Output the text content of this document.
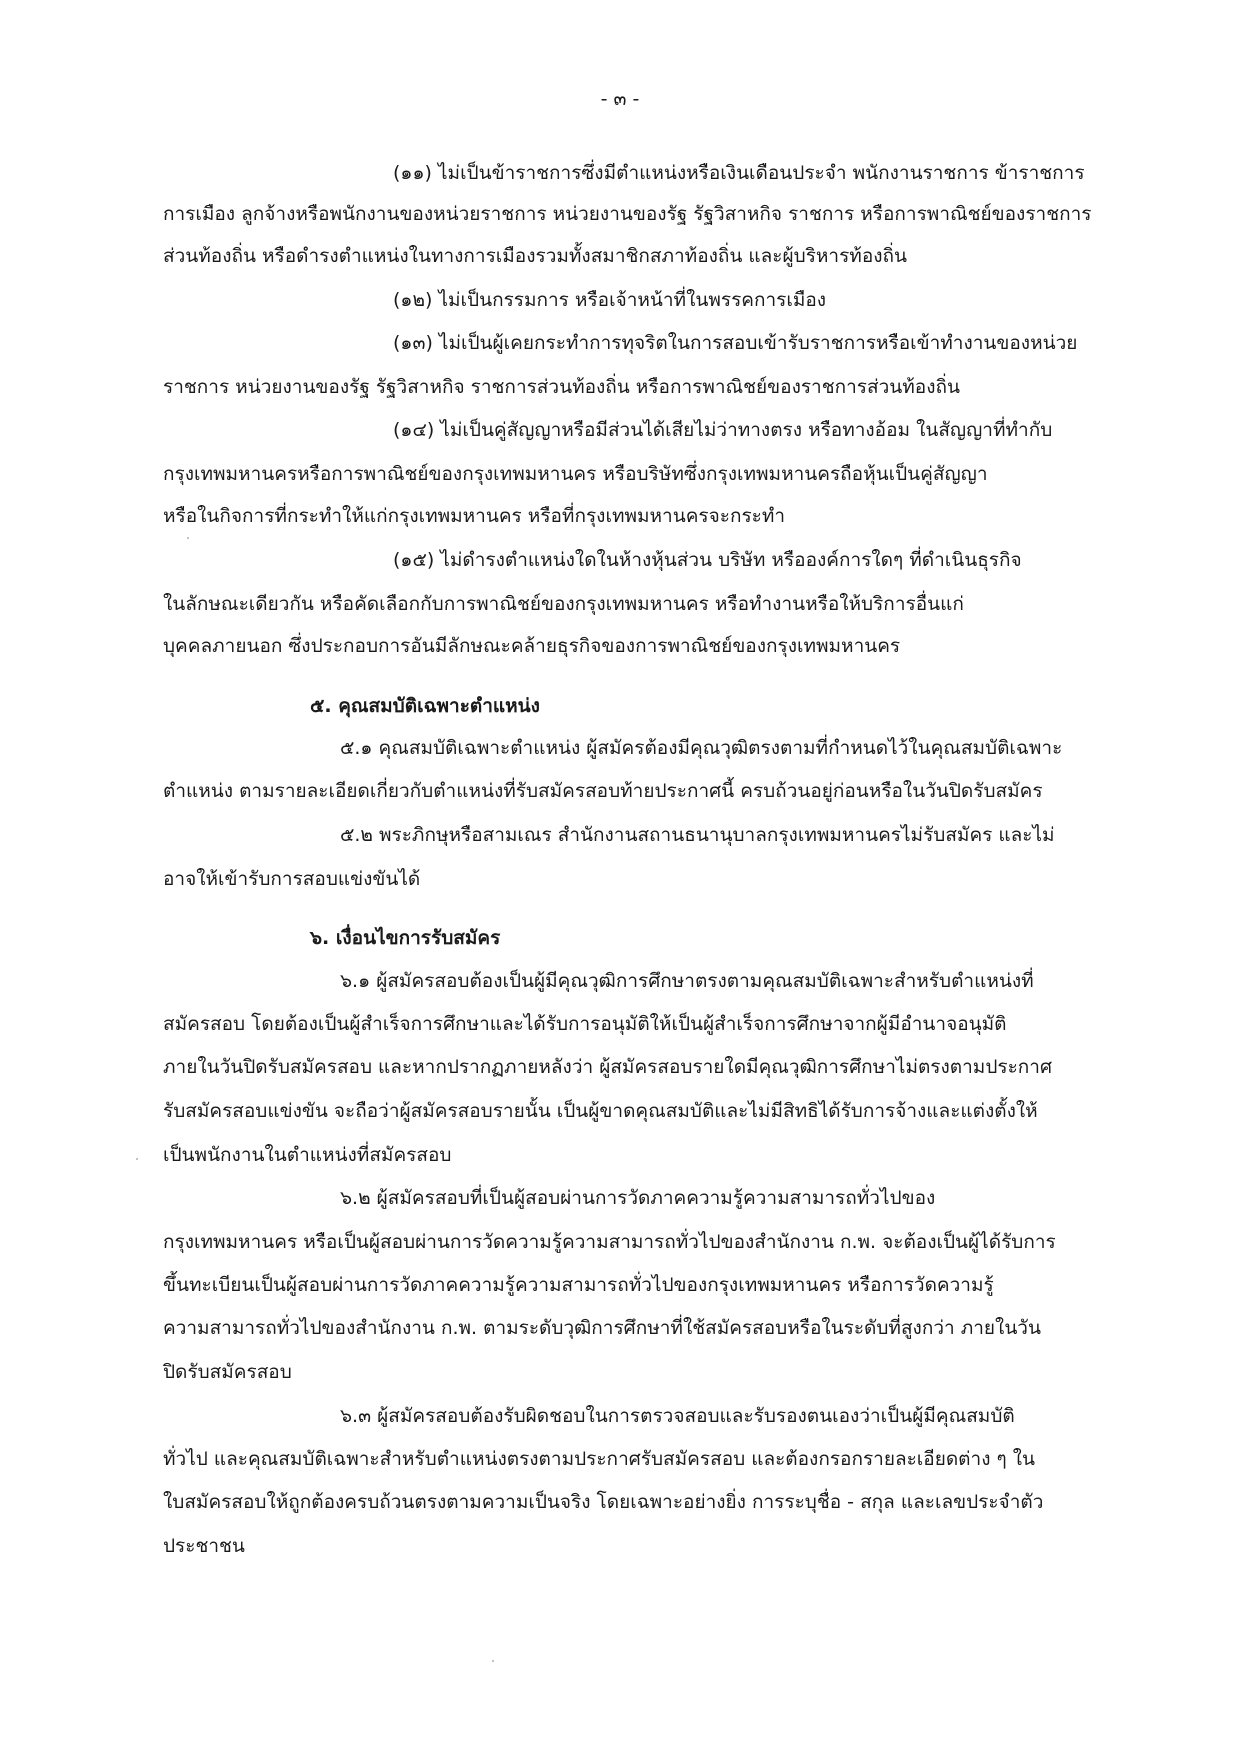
- ๓ -
(๑๑) ไม่เป็นข้าราชการซึ่งมีตำแหน่งหรือเงินเดือนประจำ พนักงานราชการ ข้าราชการ
การเมือง ลูกจ้างหรือพนักงานของหน่วยราชการ หน่วยงานของรัฐ รัฐวิสาหกิจ ราชการ หรือการพาณิชย์ของราชการ
ส่วนท้องถิ่น หรือดำรงตำแหน่งในทางการเมืองรวมทั้งสมาชิกสภาท้องถิ่น และผู้บริหารท้องถิ่น
(๑๒) ไม่เป็นกรรมการ หรือเจ้าหน้าที่ในพรรคการเมือง
(๑๓) ไม่เป็นผู้เคยกระทำการทุจริตในการสอบเข้ารับราชการหรือเข้าทำงานของหน่วย
ราชการ หน่วยงานของรัฐ รัฐวิสาหกิจ ราชการส่วนท้องถิ่น หรือการพาณิชย์ของราชการส่วนท้องถิ่น
(๑๔) ไม่เป็นคู่สัญญาหรือมีส่วนได้เสียไม่ว่าทางตรง หรือทางอ้อม ในสัญญาที่ทำกับ
กรุงเทพมหานครหรือการพาณิชย์ของกรุงเทพมหานคร หรือบริษัทซึ่งกรุงเทพมหานครถือหุ้นเป็นคู่สัญญา
หรือในกิจการที่กระทำให้แก่กรุงเทพมหานคร หรือที่กรุงเทพมหานครจะกระทำ
(๑๕) ไม่ดำรงตำแหน่งใดในห้างหุ้นส่วน บริษัท หรือองค์การใดๆ ที่ดำเนินธุรกิจ
ในลักษณะเดียวกัน หรือคัดเลือกกับการพาณิชย์ของกรุงเทพมหานคร หรือทำงานหรือให้บริการอื่นแก่
บุคคลภายนอก ซึ่งประกอบการอันมีลักษณะคล้ายธุรกิจของการพาณิชย์ของกรุงเทพมหานคร
๕. คุณสมบัติเฉพาะตำแหน่ง
๕.๑ คุณสมบัติเฉพาะตำแหน่ง ผู้สมัครต้องมีคุณวุฒิตรงตามที่กำหนดไว้ในคุณสมบัติเฉพาะ
ตำแหน่ง ตามรายละเอียดเกี่ยวกับตำแหน่งที่รับสมัครสอบท้ายประกาศนี้ ครบถ้วนอยู่ก่อนหรือในวันปิดรับสมัคร
๕.๒ พระภิกษุหรือสามเณร สำนักงานสถานธนานุบาลกรุงเทพมหานครไม่รับสมัคร และไม่
อาจให้เข้ารับการสอบแข่งขันได้
๖. เงื่อนไขการรับสมัคร
๖.๑ ผู้สมัครสอบต้องเป็นผู้มีคุณวุฒิการศึกษาตรงตามคุณสมบัติเฉพาะสำหรับตำแหน่งที่
สมัครสอบ โดยต้องเป็นผู้สำเร็จการศึกษาและได้รับการอนุมัติให้เป็นผู้สำเร็จการศึกษาจากผู้มีอำนาจอนุมัติ
ภายในวันปิดรับสมัครสอบ และหากปรากฏภายหลังว่า ผู้สมัครสอบรายใดมีคุณวุฒิการศึกษาไม่ตรงตามประกาศ
รับสมัครสอบแข่งขัน จะถือว่าผู้สมัครสอบรายนั้น เป็นผู้ขาดคุณสมบัติและไม่มีสิทธิได้รับการจ้างและแต่งตั้งให้
เป็นพนักงานในตำแหน่งที่สมัครสอบ
๖.๒ ผู้สมัครสอบที่เป็นผู้สอบผ่านการวัดภาคความรู้ความสามารถทั่วไปของ
กรุงเทพมหานคร หรือเป็นผู้สอบผ่านการวัดความรู้ความสามารถทั่วไปของสำนักงาน ก.พ. จะต้องเป็นผู้ได้รับการ
ขึ้นทะเบียนเป็นผู้สอบผ่านการวัดภาคความรู้ความสามารถทั่วไปของกรุงเทพมหานคร หรือการวัดความรู้
ความสามารถทั่วไปของสำนักงาน ก.พ. ตามระดับวุฒิการศึกษาที่ใช้สมัครสอบหรือในระดับที่สูงกว่า ภายในวัน
ปิดรับสมัครสอบ
๖.๓ ผู้สมัครสอบต้องรับผิดชอบในการตรวจสอบและรับรองตนเองว่าเป็นผู้มีคุณสมบัติ
ทั่วไป และคุณสมบัติเฉพาะสำหรับตำแหน่งตรงตามประกาศรับสมัครสอบ และต้องกรอกรายละเอียดต่าง ๆ ใน
ใบสมัครสอบให้ถูกต้องครบถ้วนตรงตามความเป็นจริง โดยเฉพาะอย่างยิ่ง การระบุชื่อ - สกุล และเลขประจำตัว
ประชาชน
